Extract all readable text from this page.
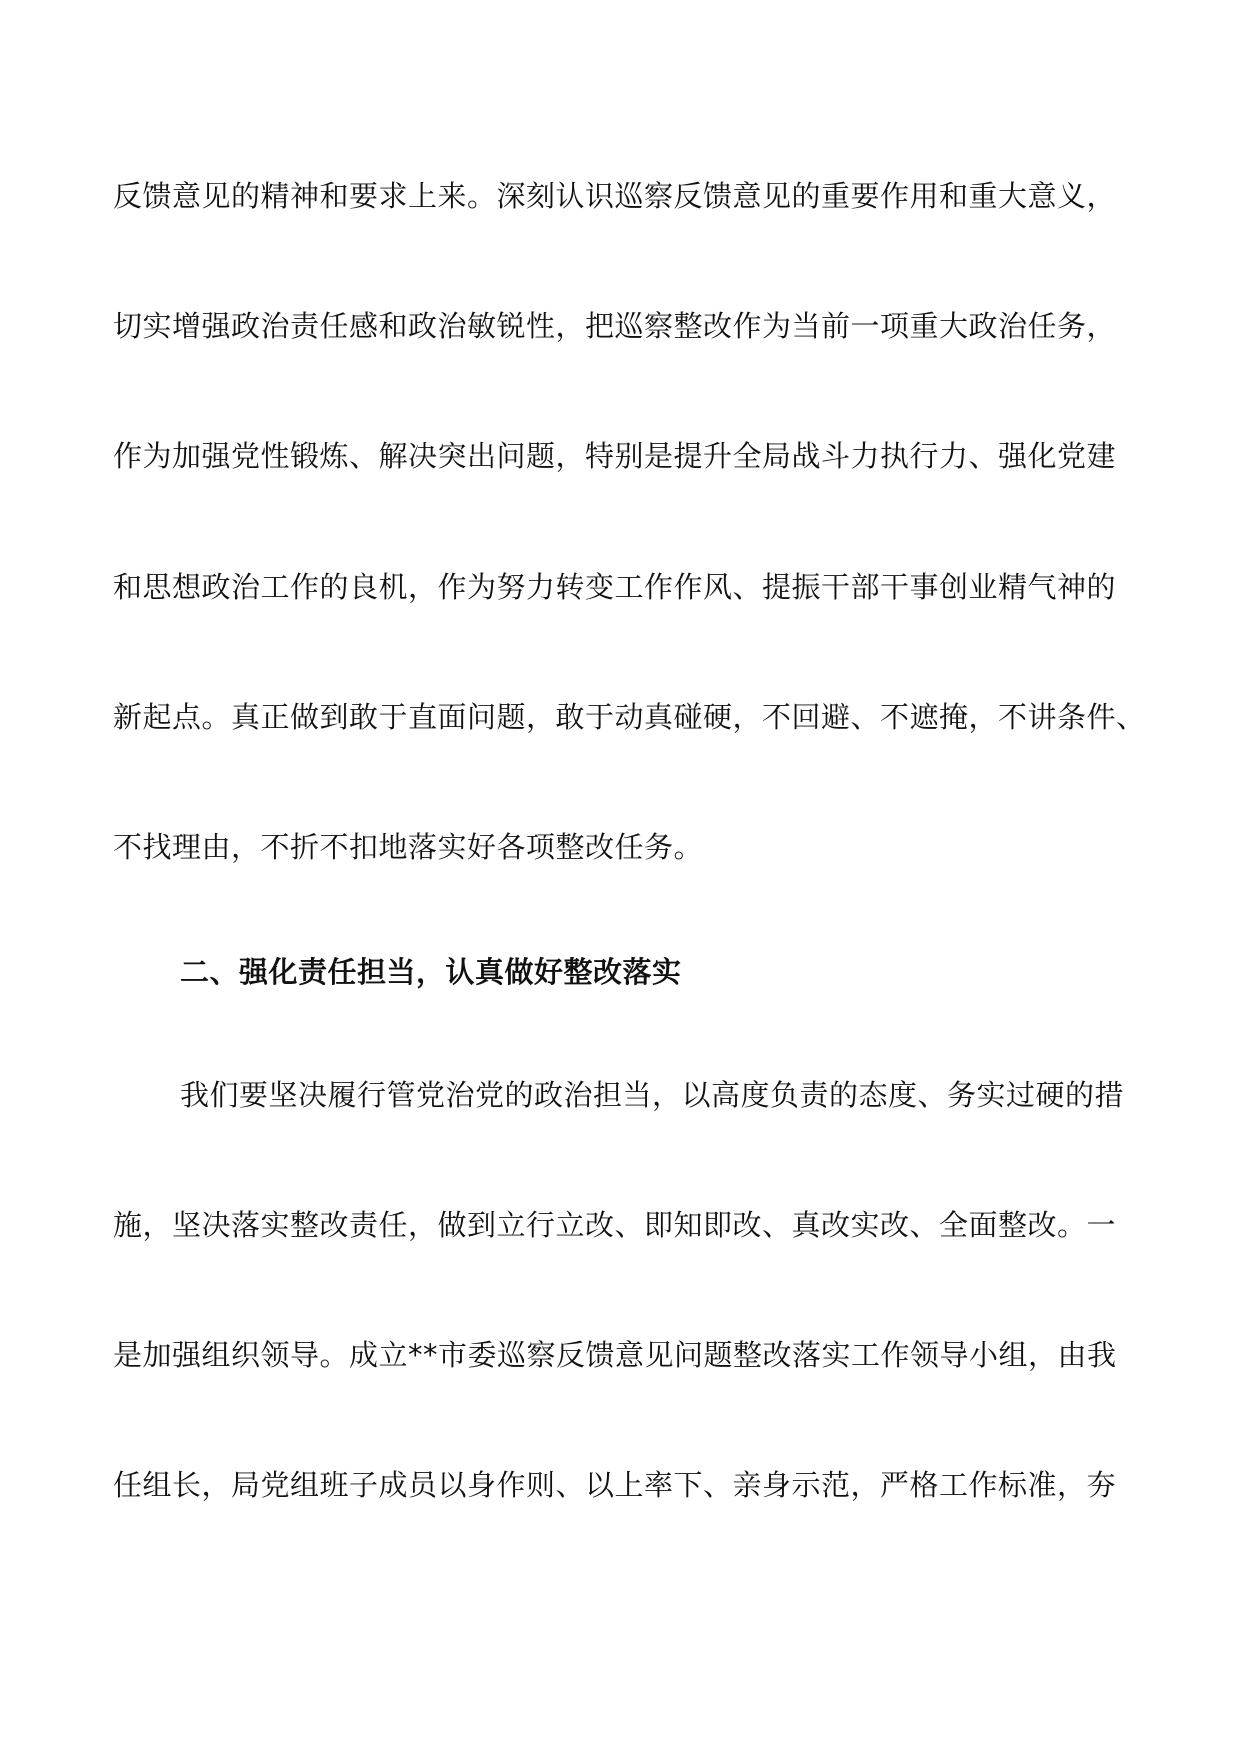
反馈意见的精神和要求上来。深刻认识巡察反馈意见的重要作用和重大意义，
切实增强政治责任感和政治敏锐性，把巡察整改作为当前一项重大政治任务，
作为加强党性锻炼、解决突出问题，特别是提升全局战斗力执行力、强化党建
和思想政治工作的良机，作为努力转变工作作风、提振干部干事创业精气神的
新起点。真正做到敢于直面问题，敢于动真碰硬，不回避、不遮掩，不讲条件、
不找理由，不折不扣地落实好各项整改任务。
二、强化责任担当，认真做好整改落实
我们要坚决履行管党治党的政治担当，以高度负责的态度、务实过硬的措
施，坚决落实整改责任，做到立行立改、即知即改、真改实改、全面整改。一
是加强组织领导。成立**市委巡察反馈意见问题整改落实工作领导小组，由我
任组长，局党组班子成员以身作则、以上率下、亲身示范，严格工作标准，夯
